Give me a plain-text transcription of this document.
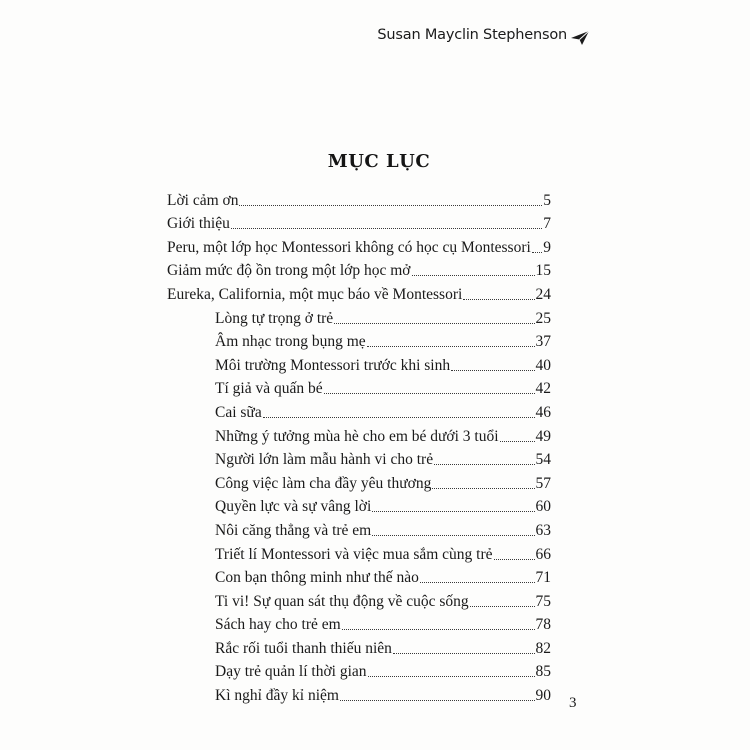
Susan Mayclin Stephenson
MỤC LỤC
Lời cảm ơn	5
Giới thiệu	7
Peru, một lớp học Montessori không có học cụ Montessori 9
Giảm mức độ ồn trong một lớp học mở	15
Eureka, California, một mục báo về Montessori	24
Lòng tự trọng ở trẻ	25
Âm nhạc trong bụng mẹ	37
Môi trường Montessori trước khi sinh	40
Tí giả và quấn bé	42
Cai sữa	46
Những ý tưởng mùa hè cho em bé dưới 3 tuổi 49
Người lớn làm mẫu hành vi cho trẻ	54
Công việc làm cha đầy yêu thương	57
Quyền lực và sự vâng lời	60
Nôi căng thẳng và trẻ em	63
Triết lí Montessori và việc mua sắm cùng trẻ	66
Con bạn thông minh như thế nào	71
Ti vi! Sự quan sát thụ động về cuộc sống	75
Sách hay cho trẻ em	78
Rắc rối tuổi thanh thiếu niên	82
Dạy trẻ quản lí thời gian	85
Kì nghỉ đầy kỉ niệm	90 3
